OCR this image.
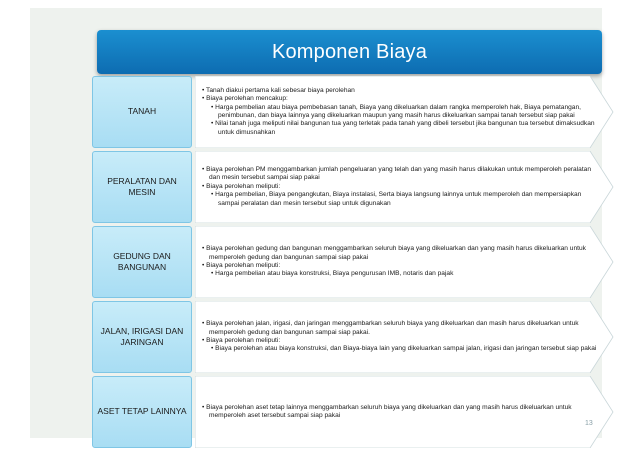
Komponen Biaya
TANAH
• Tanah diakui pertama kali sebesar biaya perolehan
• Biaya perolehan mencakup:
• Harga pembelian atau biaya pembebasan tanah, Biaya yang dikeluarkan dalam rangka memperoleh hak, Biaya pematangan, penimbunan, dan biaya lainnya yang dikeluarkan maupun yang masih harus dikeluarkan sampai tanah tersebut siap pakai
• Nilai tanah juga meliputi nilai bangunan tua yang terletak pada tanah yang dibeli tersebut jika bangunan tua tersebut dimaksudkan untuk dimusnahkan
PERALATAN DAN MESIN
• Biaya perolehan PM menggambarkan jumlah pengeluaran yang telah dan yang masih harus dilakukan untuk memperoleh peralatan dan mesin tersebut sampai siap pakai
• Biaya perolehan meliputi:
• Harga pembelian, Biaya pengangkutan, Biaya instalasi, Serta biaya langsung lainnya untuk memperoleh dan mempersiapkan sampai peralatan dan mesin tersebut siap untuk digunakan
GEDUNG DAN BANGUNAN
• Biaya perolehan gedung dan bangunan menggambarkan seluruh biaya yang dikeluarkan dan yang masih harus dikeluarkan untuk memperoleh gedung dan bangunan sampai siap pakai
• Biaya perolehan meliputi:
• Harga pembelian atau biaya konstruksi, Biaya pengurusan IMB, notaris dan pajak
JALAN, IRIGASI DAN JARINGAN
• Biaya perolehan jalan, irigasi, dan jaringan menggambarkan seluruh biaya yang dikeluarkan dan masih harus dikeluarkan untuk memperoleh gedung dan bangunan sampai siap pakai.
• Biaya perolehan meliputi:
• Biaya perolehan atau biaya konstruksi, dan Biaya-biaya lain yang dikeluarkan sampai jalan, irigasi dan jaringan tersebut siap pakai
ASET TETAP LAINNYA	• Biaya perolehan aset tetap lainnya menggambarkan seluruh biaya yang dikeluarkan dan yang masih harus dikeluarkan untuk memperoleh aset tersebut sampai siap pakai
13
